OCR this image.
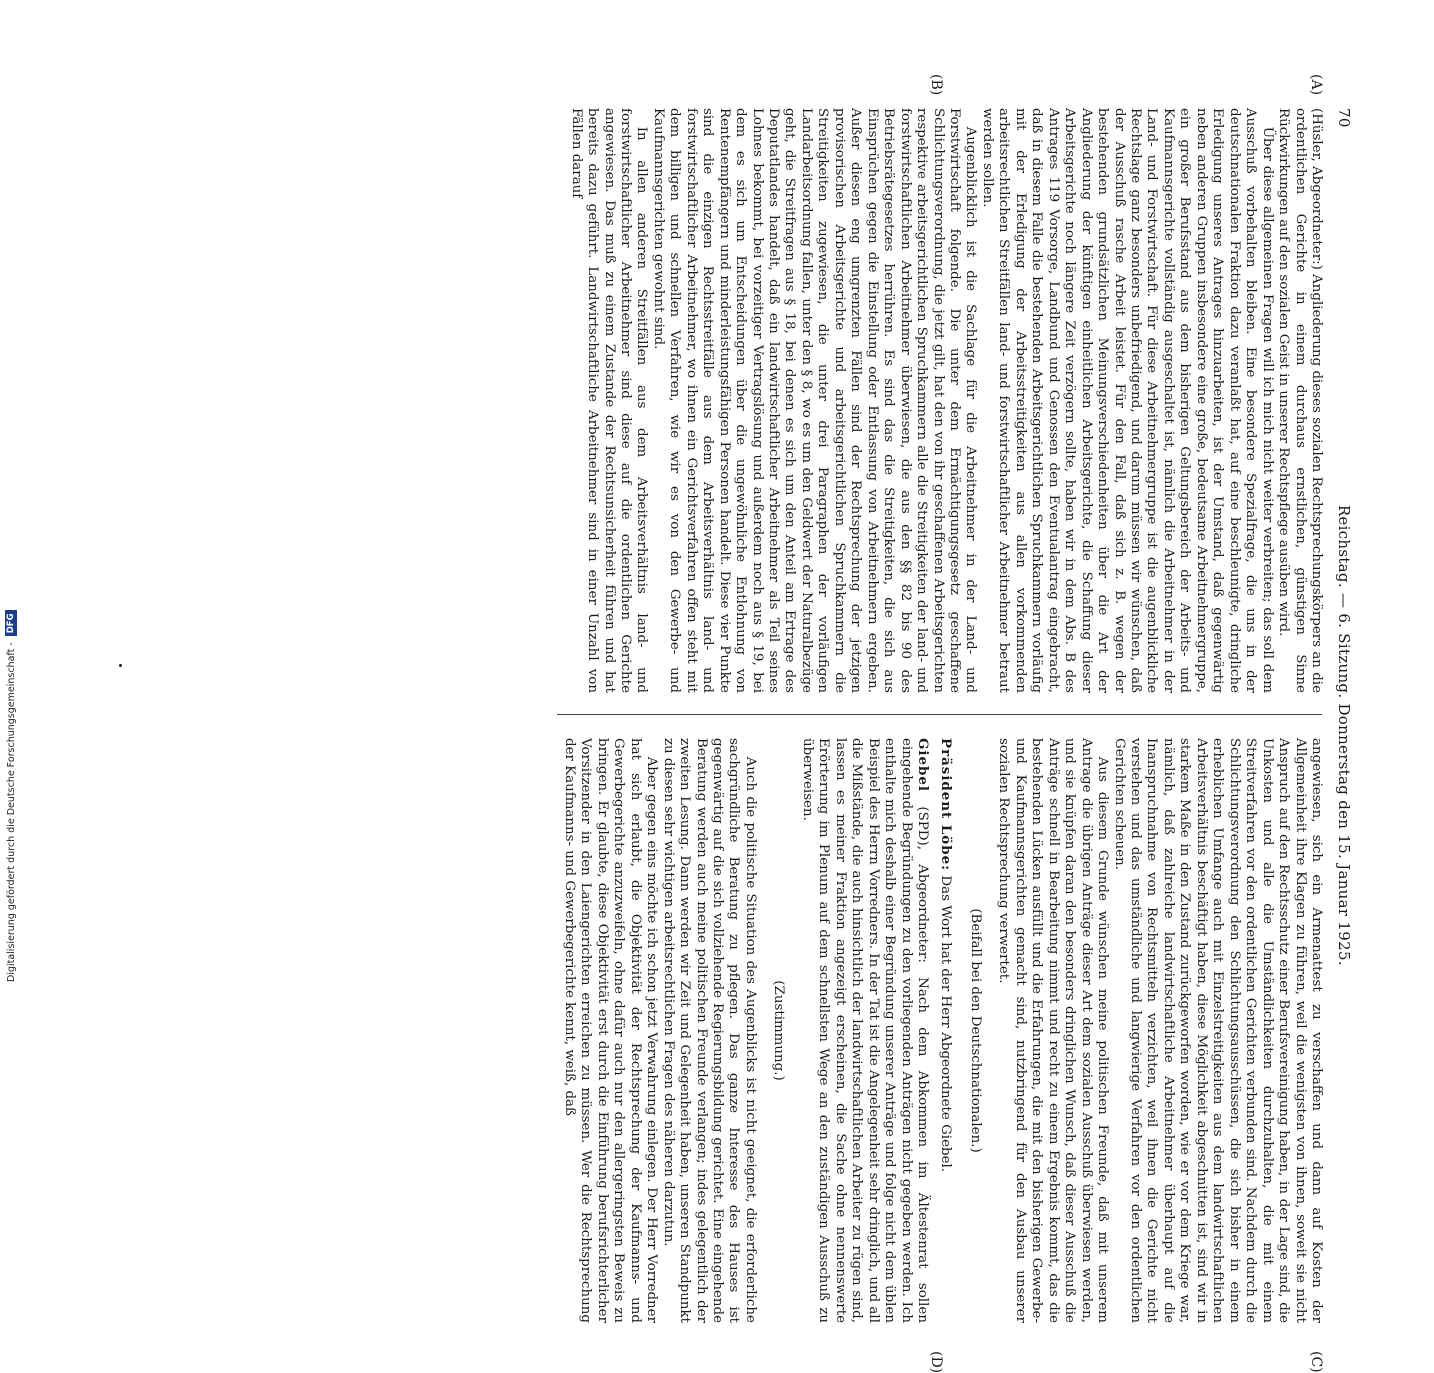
70
Reichstag. — 6. Sitzung. Donnerstag den 15. Januar 1925.
(A)
(B)
(C)
(D)

(Hüsler, Abgeordneter:) Angliederung dieses sozialen Rechtsprechungskörpers an die ordentlichen Gerichte in einem durchaus ernstlichen, günstigen Sinne Rückwirkungen auf den sozialen Geist in unserer Rechtspflege ausüben wird.

Über diese allgemeinen Fragen will ich mich nicht weiter verbreiten; das soll dem Ausschuß vorbehalten bleiben. Eine besondere Spezialfrage, die uns in der deutschnationalen Fraktion dazu veranlaßt hat, auf eine beschleunigte, dringliche Erledigung unseres Antrages hinzuarbeiten, ist der Umstand, daß gegenwärtig neben anderen Gruppen insbesondere eine große, bedeutsame Arbeitnehmergruppe, ein großer Berufsstand aus dem bisherigen Geltungsbereich der Arbeits- und Kaufmannsgerichte vollständig ausgeschaltet ist, nämlich die Arbeitnehmer in der Land- und Forstwirtschaft. Für diese Arbeitnehmergruppe ist die augenblickliche Rechtslage ganz besonders unbefriedigend, und darum müssen wir wünschen, daß der Ausschuß rasche Arbeit leistet. Für den Fall, daß sich z. B. wegen der bestehenden grundsätzlichen Meinungsverschiedenheiten über die Art der Angliederung der künftigen einheitlichen Arbeitsgerichte, die Schaffung dieser Arbeitsgerichte noch längere Zeit verzögern sollte, haben wir in dem Abs. B des Antrages 119 Vorsorge, Landbund und Genossen den Eventualantrag eingebracht, daß in diesem Falle die bestehenden Arbeitsgerichtlichen Spruchkammern vorläufig mit der Erledigung der Arbeitsstreitigkeiten aus allen vorkommenden arbeitsrechtlichen Streitfällen land- und forstwirtschaftlicher Arbeitnehmer betraut werden sollen.

Augenblicklich ist die Sachlage für die Arbeitnehmer in der Land- und Forstwirtschaft folgende. Die unter dem Ermächtigungsgesetz geschaffene Schlichtungsverordnung, die jetzt gilt, hat den von ihr geschaffenen Arbeitsgerichten respektive arbeitsgerichtlichen Spruchkammern alle die Streitigkeiten der land- und forstwirtschaftlichen Arbeitnehmer überwiesen, die aus den §§ 82 bis 90 des Betriebsrätegesetzes herrühren. Es sind das die Streitigkeiten, die sich aus Einsprüchen gegen die Einstellung oder Entlassung von Arbeitnehmern ergeben. Außer diesen eng umgrenzten Fällen sind der Rechtsprechung der jetzigen provisorischen Arbeitsgerichte und arbeitsgerichtlichen Spruchkammern die Streitigkeiten zugewiesen, die unter drei Paragraphen der vorläufigen Landarbeitsordnung fallen, unter den § 8, wo es um den Geldwert der Naturalbezüge geht, die Streitfragen aus § 18, bei denen es sich um den Anteil am Ertrage des Deputatlandes handelt, daß ein landwirtschaftlicher Arbeitnehmer als Teil seines Lohnes bekommt, bei vorzeitiger Vertragslösung und außerdem noch aus § 19, bei dem es sich um Entscheidungen über die ungewöhnliche Entlohnung von Rentenempfängern und minderleistungsfähigen Personen handelt. Diese vier Punkte sind die einzigen Rechtsstreitfälle aus dem Arbeitsverhältnis land- und forstwirtschaftlicher Arbeitnehmer, wo ihnen ein Gerichtsverfahren offen steht mit dem billigen und schnellen Verfahren, wie wir es von den Gewerbe- und Kaufmannsgerichten gewohnt sind.

In allen anderen Streitfällen aus dem Arbeitsverhältnis land- und forstwirtschaftlicher Arbeitnehmer sind diese auf die ordentlichen Gerichte angewiesen. Das muß zu einem Zustande der Rechtsunsicherheit führen und hat bereits dazu geführt. Landwirtschaftliche Arbeitnehmer sind in einer Unzahl von Fällen darauf

angewiesen, sich ein Armenattest zu verschaffen und dann auf Kosten der Allgemeinheit ihre Klagen zu führen, weil die wenigsten von ihnen, soweit sie nicht Anspruch auf den Rechtsschutz einer Berufsvereinigung haben, in der Lage sind, die Unkosten und alle die Umständlichkeiten durchzuhalten, die mit einem Streitverfahren vor den ordentlichen Gerichten verbunden sind. Nachdem durch die Schlichtungsverordnung den Schlichtungsausschüssen, die sich bisher in einem erheblichen Umfange auch mit Einzelstreitigkeiten aus dem landwirtschaftlichen Arbeitsverhältnis beschäftigt haben, diese Möglichkeit abgeschnitten ist, sind wir in starkem Maße in den Zustand zurückgeworfen worden, wie er vor dem Kriege war, nämlich, daß zahlreiche landwirtschaftliche Arbeitnehmer überhaupt auf die Inanspruchnahme von Rechtsmitteln verzichten, weil ihnen die Gerichte nicht verstehen und das umständliche und langwierige Verfahren vor den ordentlichen Gerichten scheuen.

Aus diesem Grunde wünschen meine politischen Freunde, daß mit unserem Antrage die übrigen Anträge dieser Art dem sozialen Ausschuß überwiesen werden, und sie knüpfen daran den besonders dringlichen Wunsch, daß dieser Ausschuß die Anträge schnell in Bearbeitung nimmt und recht zu einem Ergebnis kommt, das die bestehenden Lücken ausfüllt und die Erfahrungen, die mit den bisherigen Gewerbe- und Kaufmannsgerichten gemacht sind, nutzbringend für den Ausbau unserer sozialen Rechtsprechung verwertet.

(Beifall bei den Deutschnationalen.)

Präsident Löbe: Das Wort hat der Herr Abgeordnete Giebel.

Giebel (SPD), Abgeordneter: Nach dem Abkommen im Ältestenrat sollen eingehende Begründungen zu den vorliegenden Anträgen nicht gegeben werden. Ich enthalte mich deshalb einer Begründung unserer Anträge und folge nicht dem üblen Beispiel des Herrn Vorredners. In der Tat ist die Angelegenheit sehr dringlich, und all die Mißstände, die auch hinsichtlich der landwirtschaftlichen Arbeiter zu rügen sind, lassen es meiner Fraktion angezeigt erscheinen, die Sache ohne nennenswerte Erörterung im Plenum auf dem schnellsten Wege an den zuständigen Ausschuß zu überweisen.

(Zustimmung.)

Auch die politische Situation des Augenblicks ist nicht geeignet, die erforderliche sachgründliche Beratung zu pflegen. Das ganze Interesse des Hauses ist gegenwärtig auf die sich vollziehende Regierungsbildung gerichtet. Eine eingehende Beratung werden auch meine politischen Freunde verlangen; indes gelegentlich der zweiten Lesung. Dann werden wir Zeit und Gelegenheit haben, unseren Standpunkt zu diesen sehr wichtigen arbeitsrechtlichen Fragen des näheren darzutun.

Aber gegen eins möchte ich schon jetzt Verwahrung einlegen. Der Herr Vorredner hat sich erlaubt, die Objektivität der Rechtsprechung der Kaufmanns- und Gewerbegerichte anzuzweifeln, ohne dafür auch nur den allergeringsten Beweis zu bringen. Er glaubte, diese Objektivität erst durch die Einführung berufsrichterlicher Vorsitzender in den Laiengerichten erreichen zu müssen. Wer die Rechtsprechung der Kaufmanns- und Gewerbegerichte kennt, weiß, daß

Digitalisierung gefördert durch die Deutsche Forschungsgemeinschaft -
DFG
